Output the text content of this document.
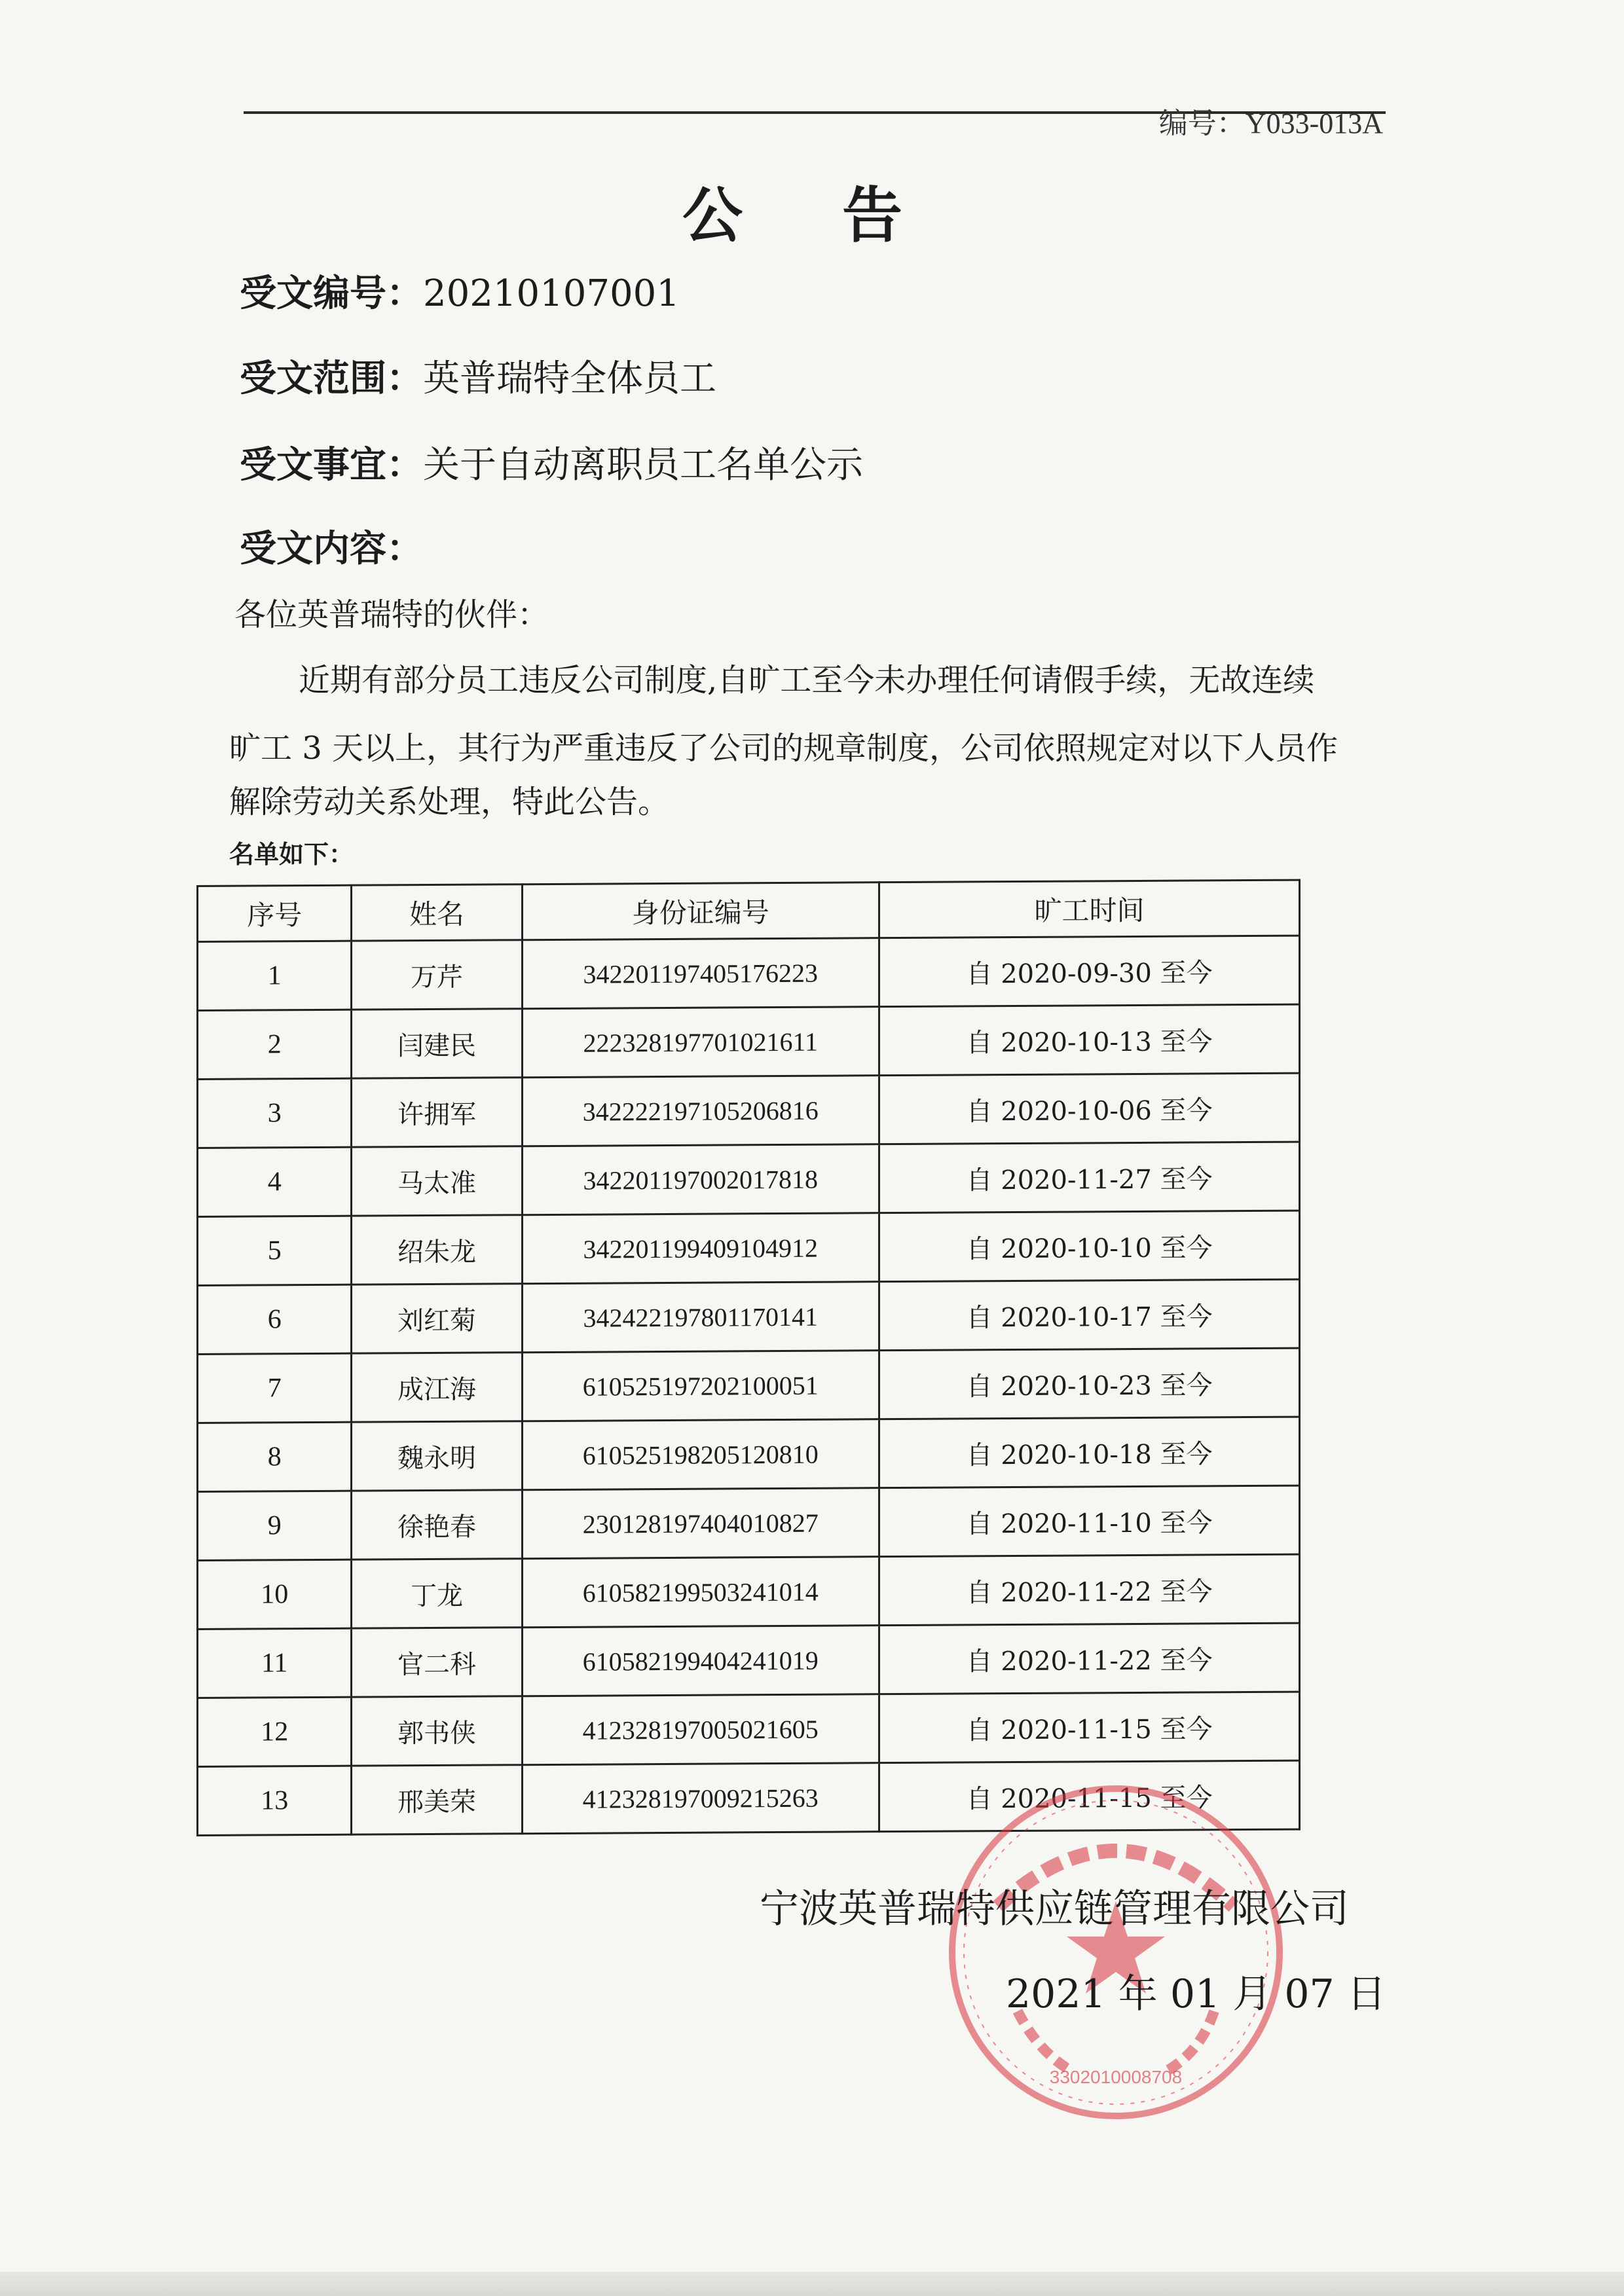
编号：Y033-013A
公 告
受文编号：20210107001
受文范围：英普瑞特全体员工
受文事宜：关于自动离职员工名单公示
受文内容：
各位英普瑞特的伙伴：
近期有部分员工违反公司制度,自旷工至今未办理任何请假手续，无故连续
旷工 3 天以上，其行为严重违反了公司的规章制度，公司依照规定对以下人员作
解除劳动关系处理，特此公告。
名单如下：
序号	姓名	身份证编号	旷工时间
1	万芹	342201197405176223	自 2020-09-30 至今
2	闫建民	222328197701021611	自 2020-10-13 至今
3	许拥军	342222197105206816	自 2020-10-06 至今
4	马太准	342201197002017818	自 2020-11-27 至今
5	绍朱龙	342201199409104912	自 2020-10-10 至今
6	刘红菊	342422197801170141	自 2020-10-17 至今
7	成江海	610525197202100051	自 2020-10-23 至今
8	魏永明	610525198205120810	自 2020-10-18 至今
9	徐艳春	230128197404010827	自 2020-11-10 至今
10	丁龙	610582199503241014	自 2020-11-22 至今
11	官二科	610582199404241019	自 2020-11-22 至今
12	郭书侠	412328197005021605	自 2020-11-15 至今
13	邢美荣	412328197009215263	自 2020-11-15 至今
3302010008708
宁波英普瑞特供应链管理有限公司
2021 年 01 月 07 日
